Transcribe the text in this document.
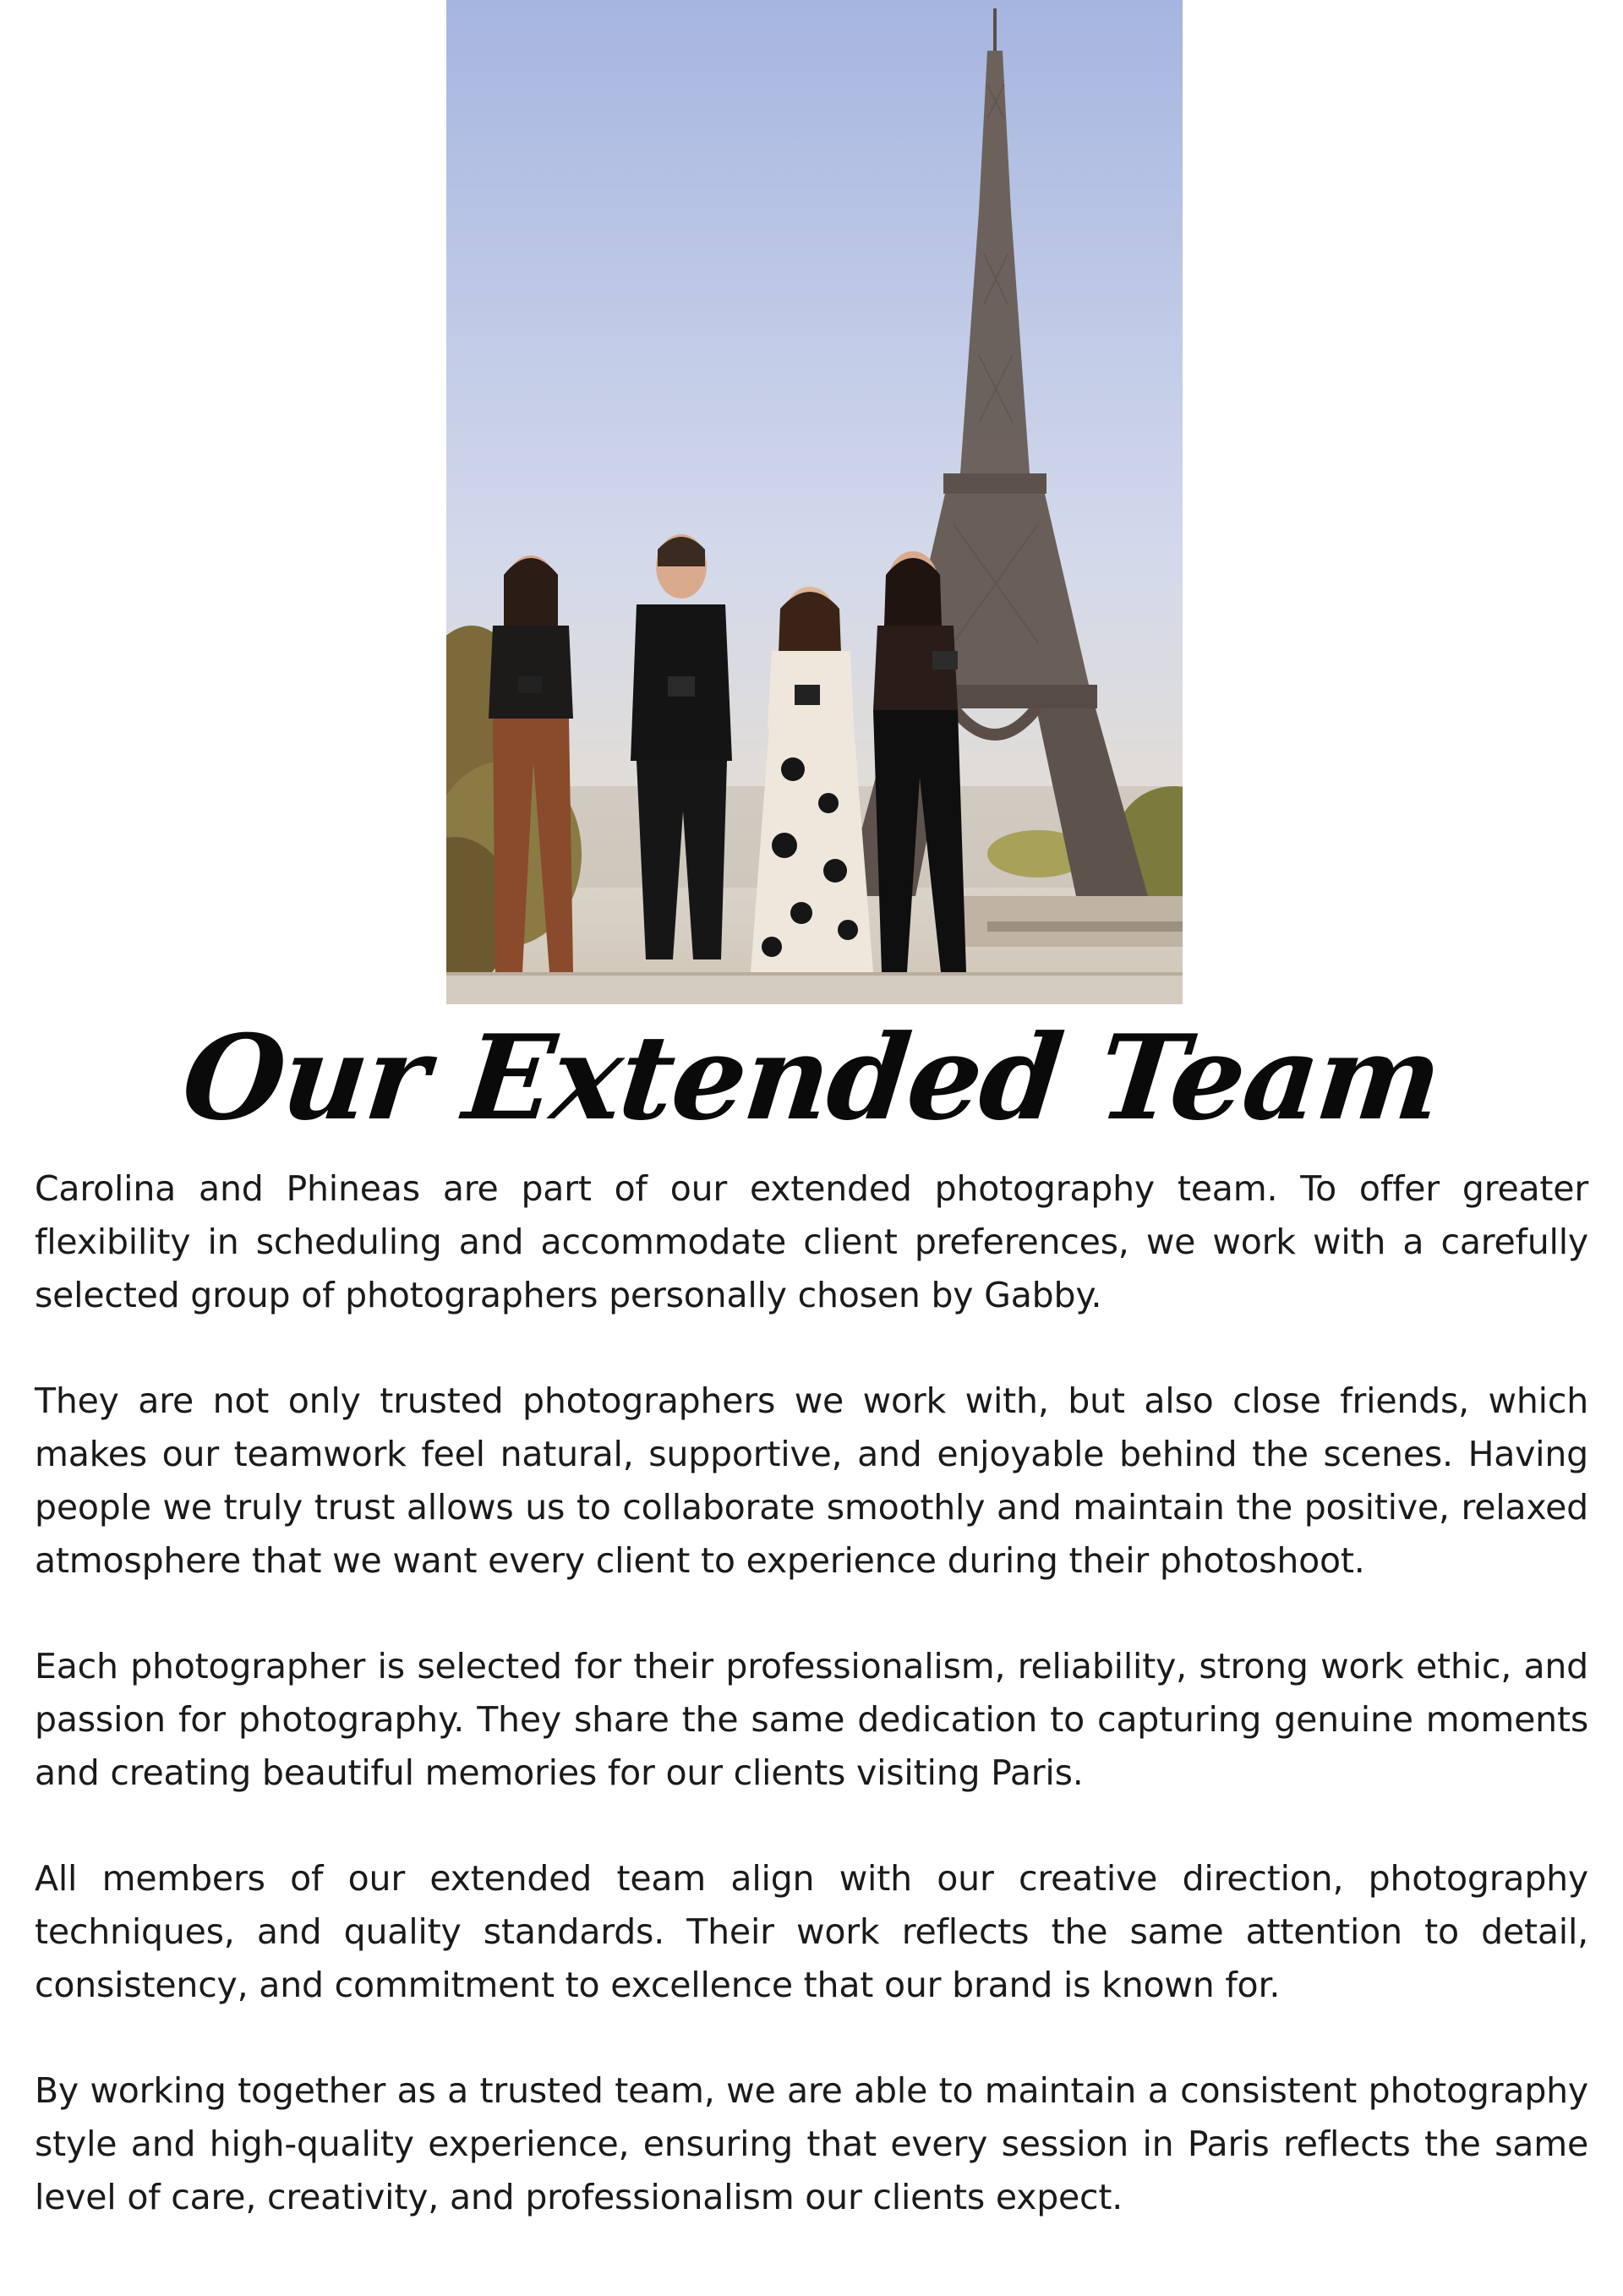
Our Extended Team

Carolina and Phineas are part of our extended photography team. To offer greater flexibility in scheduling and accommodate client preferences, we work with a carefully selected group of photographers personally chosen by Gabby.

They are not only trusted photographers we work with, but also close friends, which makes our teamwork feel natural, supportive, and enjoyable behind the scenes. Having people we truly trust allows us to collaborate smoothly and maintain the positive, relaxed atmosphere that we want every client to experience during their photoshoot.

Each photographer is selected for their professionalism, reliability, strong work ethic, and passion for photography. They share the same dedication to capturing genuine moments and creating beautiful memories for our clients visiting Paris.

All members of our extended team align with our creative direction, photography techniques, and quality standards. Their work reflects the same attention to detail, consistency, and commitment to excellence that our brand is known for.

By working together as a trusted team, we are able to maintain a consistent photography style and high-quality experience, ensuring that every session in Paris reflects the same level of care, creativity, and professionalism our clients expect.
